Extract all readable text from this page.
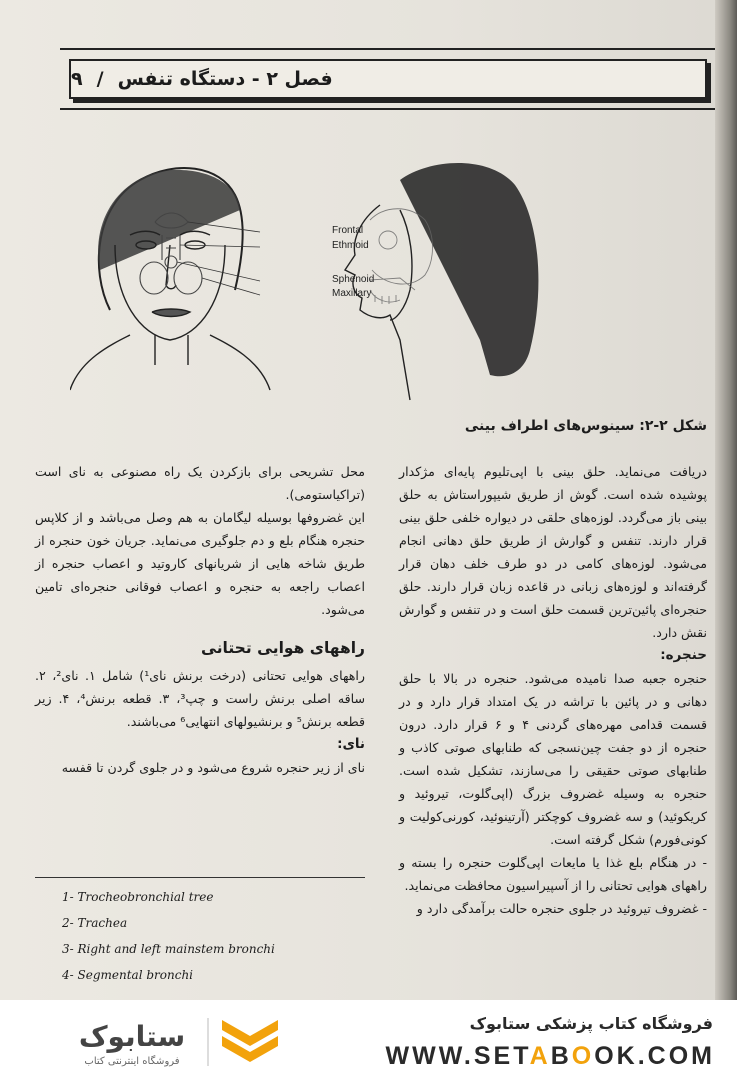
فصل ۲ - دستگاه تنفس
/
۹
Frontal
Ethmoid
Sphenoid
Maxillary
شکل ۲-۲: سینوس‌های اطراف بینی

دریافت می‌نماید. حلق بینی با اپی‌تلیوم پایه‌ای مژکدار پوشیده شده است. گوش از طریق شیپوراستاش به حلق بینی باز می‌گردد. لوزه‌های حلقی در دیواره خلفی حلق بینی قرار دارند. تنفس و گوارش از طریق حلق دهانی انجام می‌شود. لوزه‌های کامی در دو طرف خلف دهان قرار گرفته‌اند و لوزه‌های زبانی در قاعده زبان قرار دارند. حلق حنجره‌ای پائین‌ترین قسمت حلق است و در تنفس و گوارش نقش دارد.

حنجره:

حنجره جعبه صدا نامیده می‌شود. حنجره در بالا با حلق دهانی و در پائین با تراشه در یک امتداد قرار دارد و در قسمت قدامی مهره‌های گردنی ۴ و ۶ قرار دارد. درون حنجره از دو جفت چین‌نسجی که طنابهای صوتی کاذب و طنابهای صوتی حقیقی را می‌سازند، تشکیل شده است. حنجره به وسیله غضروف بزرگ (اپی‌گلوت، تیروئید و کریکوئید) و سه غضروف کوچکتر (آرتینوئید، کورنی‌کولیت و کونی‌فورم) شکل گرفته است.

- در هنگام بلع غذا یا مایعات اپی‌گلوت حنجره را بسته و راههای هوایی تحتانی را از آسپیراسیون محافظت می‌نماید.

- غضروف تیروئید در جلوی حنجره حالت برآمدگی دارد و

محل تشریحی برای بازکردن یک راه مصنوعی به نای است (تراکیاستومی).

این غضروفها بوسیله لیگامان به هم وصل می‌باشد و از کلاپس حنجره هنگام بلع و دم جلوگیری می‌نماید. جریان خون حنجره از طریق شاخه هایی از شریانهای کاروتید و اعصاب حنجره از اعصاب راجعه به حنجره و اعصاب فوقانی حنجره‌ای تامین می‌شود.

راههای هوایی تحتانی

راههای هوایی تحتانی (درخت برنش نای¹) شامل ۱. نای²، ۲. ساقه اصلی برنش راست و چپ³، ۳. قطعه برنش⁴، ۴. زیر قطعه برنش⁵ و برنشیولهای انتهایی⁶ می‌باشند.

نای:

نای از زیر حنجره شروع می‌شود و در جلوی گردن تا قفسه

1- Trocheobronchial tree
2- Trachea
3- Right and left mainstem bronchi
4- Segmental bronchi
ستابوک
فروشگاه اینترنتی کتاب
فروشگاه کتاب پزشکی ستابوک
WWW.SETABOOK.COM
